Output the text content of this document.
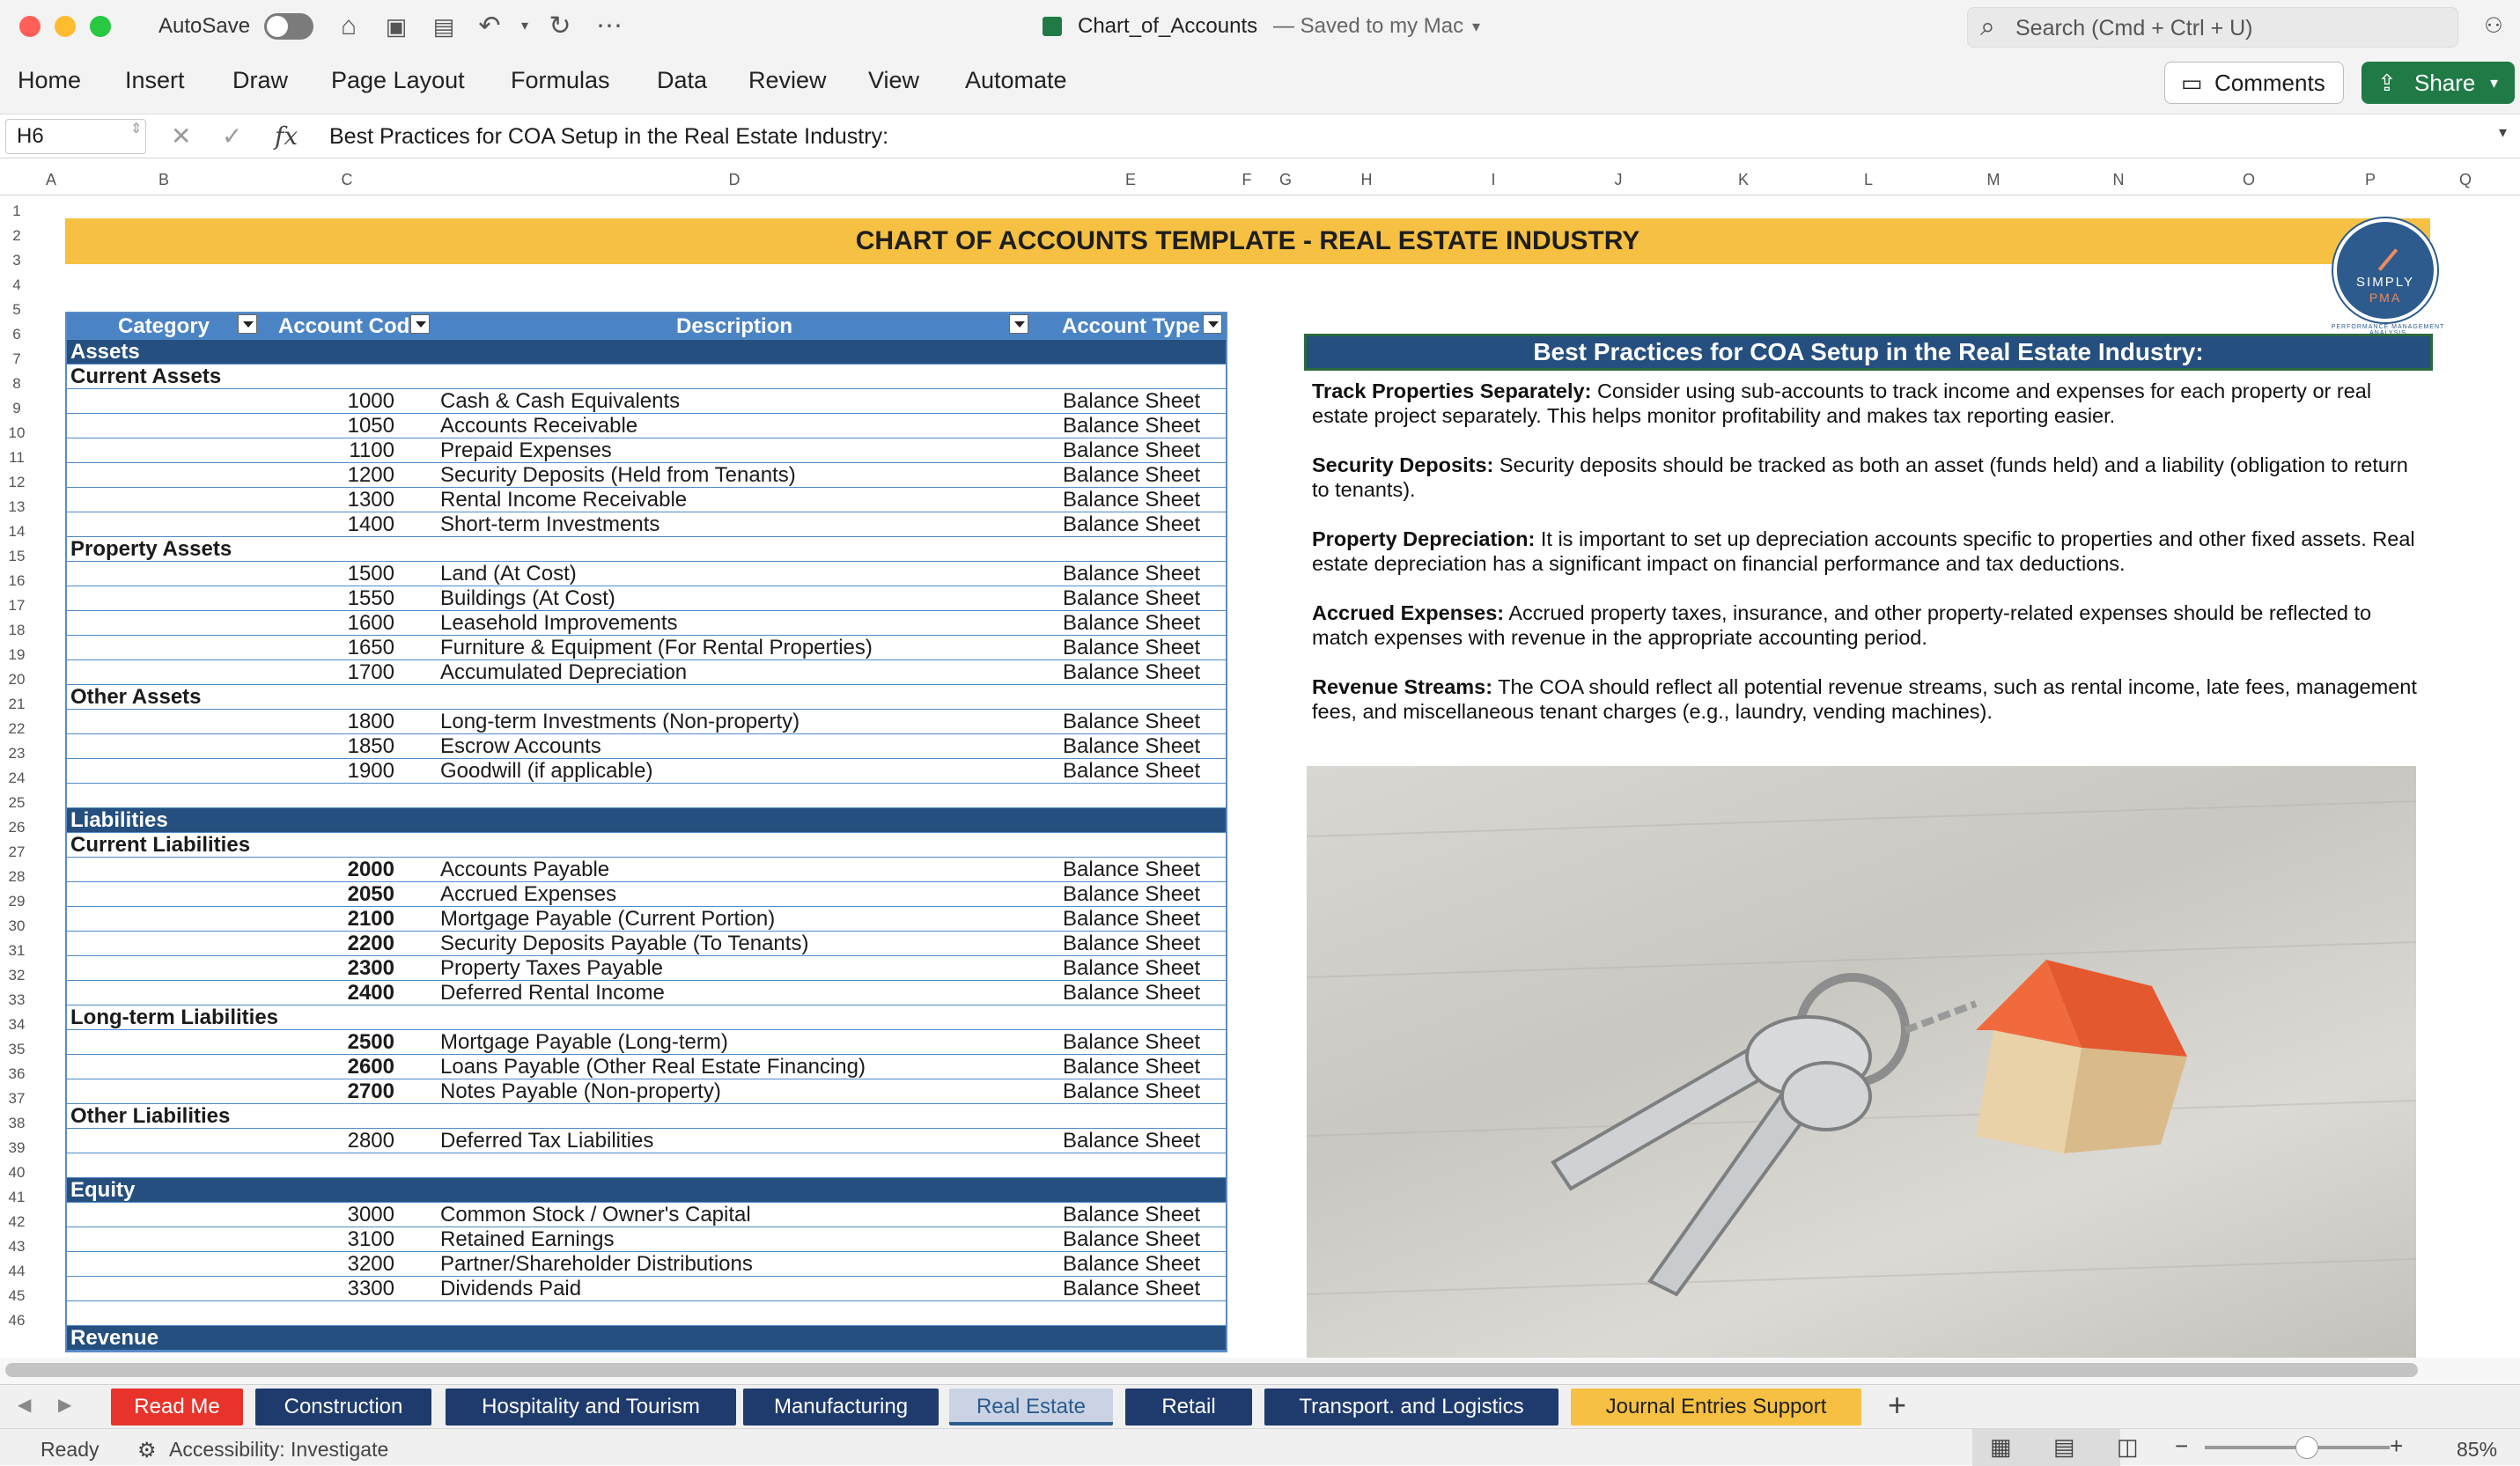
AutoSave	⌂	▣ ▤ ↶	▾ ↻ ⋯	Chart_of_Accounts — Saved to my Mac ▾	⌕ Search (Cmd + Ctrl + U)	⚇
Home Insert Draw Page Layout Formulas Data Review View Automate	▭ Comments	⇪ Share ▾
H6	⇕ ✕ ✓ fx Best Practices for COA Setup in the Real Estate Industry:	▾
A	B	C	D	E	F G	H	I	J	K	L	M	N	O	P	Q
1
2
3
4
5
6
7
8
9
10
11
12
13
14
15
16
17
18
19
20
21
22
23
24
25
26
27
28
29
30
31
32
33
34
35
36
37
38
39
40
41
42
43
44
45
46
CHART OF ACCOUNTS TEMPLATE - REAL ESTATE INDUSTRY
SIMPLY
PMA
PERFORMANCE MANAGEMENT ANALYSIS
Category	Account Cod	Description	Account Type
Assets
Current Assets
1000 Cash & Cash Equivalents	Balance Sheet
1050 Accounts Receivable	Balance Sheet
1100 Prepaid Expenses	Balance Sheet
1200 Security Deposits (Held from Tenants)	Balance Sheet
1300 Rental Income Receivable	Balance Sheet
1400 Short-term Investments	Balance Sheet
Property Assets
1500 Land (At Cost)	Balance Sheet
1550 Buildings (At Cost)	Balance Sheet
1600 Leasehold Improvements	Balance Sheet
1650 Furniture & Equipment (For Rental Properties)	Balance Sheet
1700 Accumulated Depreciation	Balance Sheet
Other Assets
1800 Long-term Investments (Non-property)	Balance Sheet
1850 Escrow Accounts	Balance Sheet
1900 Goodwill (if applicable)	Balance Sheet
Liabilities
Current Liabilities
2000 Accounts Payable	Balance Sheet
2050 Accrued Expenses	Balance Sheet
2100 Mortgage Payable (Current Portion)	Balance Sheet
2200 Security Deposits Payable (To Tenants)	Balance Sheet
2300 Property Taxes Payable	Balance Sheet
2400 Deferred Rental Income	Balance Sheet
Long-term Liabilities
2500 Mortgage Payable (Long-term)	Balance Sheet
2600 Loans Payable (Other Real Estate Financing)	Balance Sheet
2700 Notes Payable (Non-property)	Balance Sheet
Other Liabilities
2800 Deferred Tax Liabilities	Balance Sheet
Equity
3000 Common Stock / Owner's Capital	Balance Sheet
3100 Retained Earnings	Balance Sheet
3200 Partner/Shareholder Distributions	Balance Sheet
3300 Dividends Paid	Balance Sheet
Revenue
Best Practices for COA Setup in the Real Estate Industry:
Track Properties Separately: Consider using sub-accounts to track income and expenses for each property or real estate project separately. This helps monitor profitability and makes tax reporting easier.
Security Deposits: Security deposits should be tracked as both an asset (funds held) and a liability (obligation to return to tenants).
Property Depreciation: It is important to set up depreciation accounts specific to properties and other fixed assets. Real estate depreciation has a significant impact on financial performance and tax deductions.
Accrued Expenses: Accrued property taxes, insurance, and other property-related expenses should be reflected to match expenses with revenue in the appropriate accounting period.
Revenue Streams: The COA should reflect all potential revenue streams, such as rental income, late fees, management fees, and miscellaneous tenant charges (e.g., laundry, vending machines).
◀ ▶	Read Me	Construction	Hospitality and Tourism	Manufacturing	Real Estate	Retail	Transport. and Logistics	Journal Entries Support	+
Ready ⚙ Accessibility: Investigate	▦ ▤ ◫ −	+	85%
